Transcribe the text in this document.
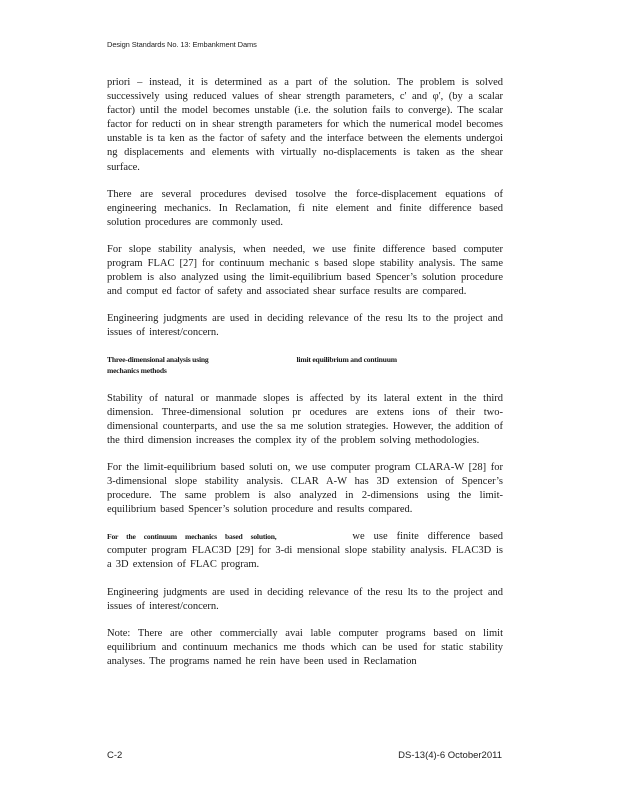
Design Standards No. 13: Embankment Dams

priori – instead, it is determined as a part of the solution. The problem is solved successively using reduced values of shear strength parameters, c' and φ', (by a scalar factor) until the model becomes unstable (i.e. the solution fails to converge). The scalar factor for reducti on in shear strength parameters for which the numerical model becomes unstable is ta ken as the factor of safety and the interface between the elements undergoi ng displacements and elements with virtually no-displacements is taken as the shear surface.

There are several procedures devised tosolve the force-displacement equations of engineering mechanics. In Reclamation, fi nite element and finite difference based solution procedures are commonly used.

For slope stability analysis, when needed, we use finite difference based computer program FLAC [27] for continuum mechanic s based slope stability analysis. The same problem is also analyzed using the limit-equilibrium based Spencer’s solution procedure and comput ed factor of safety and associated shear surface results are compared.

Engineering judgments are used in deciding relevance of the resu lts to the project and issues of interest/concern.

Three-dimensional analysis using	limit equilibrium and continuum
mechanics methods

Stability of natural or manmade slopes is affected by its lateral extent in the third dimension. Three-dimensional solution pr ocedures are extens ions of their two-dimensional counterparts, and use the sa me solution strategies. However, the addition of the third dimension increases the complex ity of the problem solving methodologies.

For the limit-equilibrium based soluti on, we use computer program CLARA-W [28] for 3-dimensional slope stability analysis. CLAR A-W has 3D extension of Spencer’s procedure. The same problem is also analyzed in 2-dimensions using the limit-equilibrium based Spencer’s solution procedure and results compared.

For the continuum mechanics based solution,	we use finite difference based computer program FLAC3D [29] for 3-di mensional slope stability analysis. FLAC3D is a 3D extension of FLAC program.

Engineering judgments are used in deciding relevance of the resu lts to the project and issues of interest/concern.

Note: There are other commercially avai lable computer programs based on limit equilibrium and continuum mechanics me thods which can be used for static stability analyses. The programs named he rein have been used in Reclamation

C-2	DS-13(4)-6 October2011
